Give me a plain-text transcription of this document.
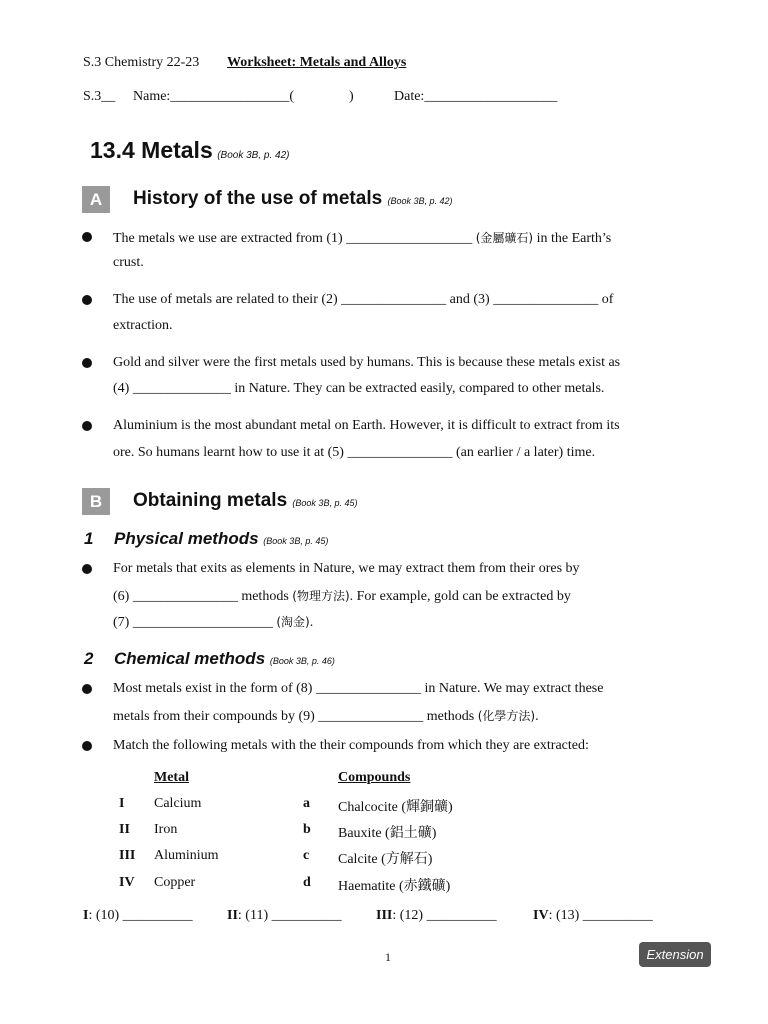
S.3 Chemistry 22-23 Worksheet: Metals and Alloys
S.3__ Name:_________________(	)	Date:___________________
13.4 Metals (Book 3B, p. 42)
A	History of the use of metals (Book 3B, p. 42)
The metals we use are extracted from (1) __________________ (金屬礦石) in the Earth’s
crust.
The use of metals are related to their (2) _______________ and (3) _______________ of
extraction.
Gold and silver were the first metals used by humans. This is because these metals exist as
(4) ______________ in Nature. They can be extracted easily, compared to other metals.
Aluminium is the most abundant metal on Earth. However, it is difficult to extract from its
ore. So humans learnt how to use it at (5) _______________ (an earlier / a later) time.
B	Obtaining metals (Book 3B, p. 45)
1 Physical methods (Book 3B, p. 45)
For metals that exits as elements in Nature, we may extract them from their ores by
(6) _______________ methods (物理方法). For example, gold can be extracted by
(7) ____________________ (淘金).
2 Chemical methods (Book 3B, p. 46)
Most metals exist in the form of (8) _______________ in Nature. We may extract these
metals from their compounds by (9) _______________ methods (化學方法).
Match the following metals with the their compounds from which they are extracted:
Metal	Compounds
I Calcium	a Chalcocite (輝銅礦)
II Iron	b Bauxite (鋁土礦)
III Aluminium	c Calcite (方解石)
IV Copper	d Haematite (赤鐵礦)
I: (10) __________ II: (11) __________ III: (12) __________	IV: (13) __________
1	Extension
